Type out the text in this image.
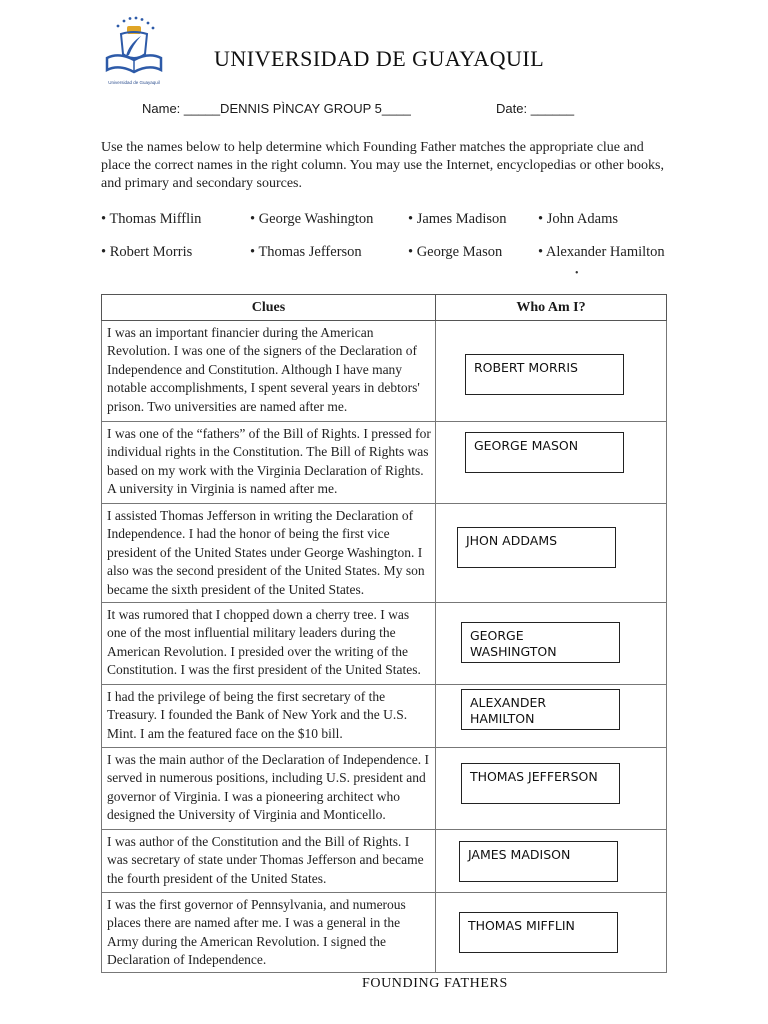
Universidad de Guayaquil
UNIVERSIDAD DE GUAYAQUIL
Name: _____DENNIS PÌNCAY GROUP 5____	Date: ______
Use the names below to help determine which Founding Father matches the appropriate clue and place the correct names in the right column. You may use the Internet, encyclopedias or other books, and primary and secondary sources.
• Thomas Mifflin	• George Washington • James Madison • John Adams
• Robert Morris	• Thomas Jefferson	• George Mason • Alexander Hamilton
•
Clues	Who Am I?
I was an important financier during the American Revolution. I was one of the signers of the Declaration of Independence and Constitution. Although I have many notable accomplishments, I spent several years in debtors' prison. Two universities are named after me.	ROBERT MORRIS

I was one of the “fathers” of the Bill of Rights. I pressed for individual rights in the Constitution. The Bill of Rights was based on my work with the Virginia Declaration of Rights. A university in Virginia is named after me.	GEORGE MASON

I assisted Thomas Jefferson in writing the Declaration of Independence. I had the honor of being the first vice president of the United States under George Washington. I also was the second president of the United States. My son became the sixth president of the United States.	JHON ADDAMS

It was rumored that I chopped down a cherry tree. I was one of the most influential military leaders during the American Revolution. I presided over the writing of the Constitution. I was the first president of the United States.	GEORGE WASHINGTON

I had the privilege of being the first secretary of the Treasury. I founded the Bank of New York and the U.S. Mint. I am the featured face on the $10 bill.	ALEXANDER HAMILTON

I was the main author of the Declaration of Independence. I served in numerous positions, including U.S. president and governor of Virginia. I was a pioneering architect who designed the University of Virginia and Monticello.	THOMAS JEFFERSON

I was author of the Constitution and the Bill of Rights. I was secretary of state under Thomas Jefferson and became the fourth president of the United States.	JAMES MADISON

I was the first governor of Pennsylvania, and numerous places there are named after me. I was a general in the Army during the American Revolution. I signed the Declaration of Independence.	THOMAS MIFFLIN
FOUNDING FATHERS
